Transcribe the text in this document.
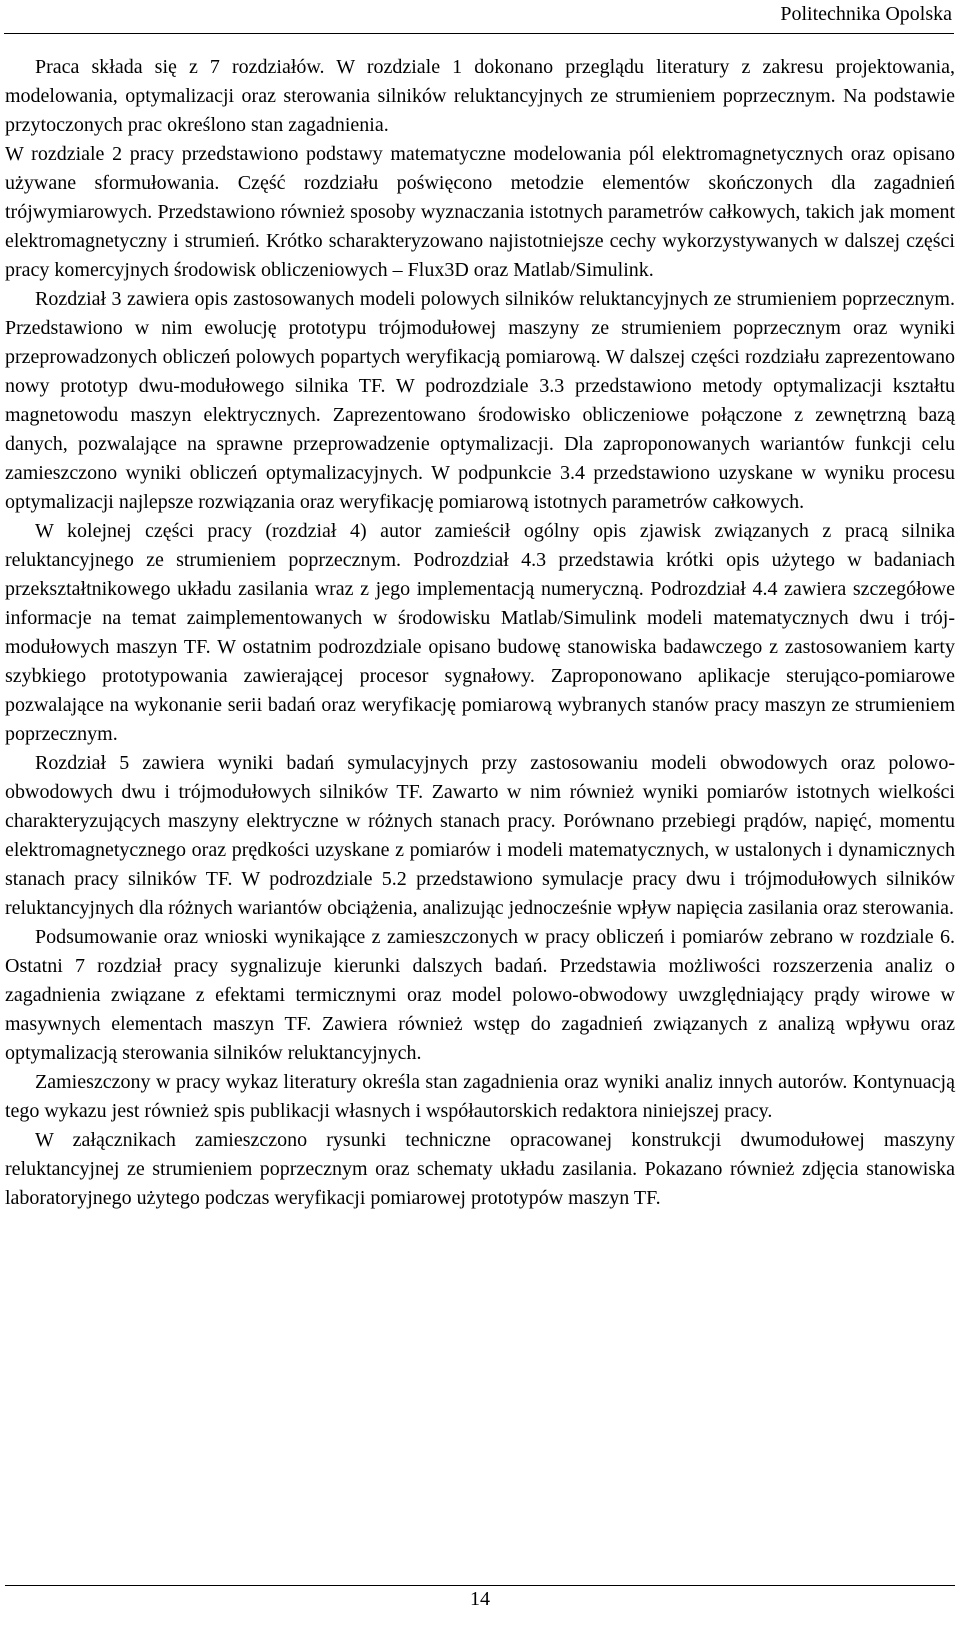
Politechnika Opolska

Praca składa się z 7 rozdziałów. W rozdziale 1 dokonano przeglądu literatury z zakresu projektowania, modelowania, optymalizacji oraz sterowania silników reluktancyjnych ze strumieniem poprzecznym. Na podstawie przytoczonych prac określono stan zagadnienia.

W rozdziale 2 pracy przedstawiono podstawy matematyczne modelowania pól elektromagnetycznych oraz opisano używane sformułowania. Część rozdziału poświęcono metodzie elementów skończonych dla zagadnień trójwymiarowych. Przedstawiono również sposoby wyznaczania istotnych parametrów całkowych, takich jak moment elektromagnetyczny i strumień. Krótko scharakteryzowano najistotniejsze cechy wykorzystywanych w dalszej części pracy komercyjnych środowisk obliczeniowych – Flux3D oraz Matlab/Simulink.

Rozdział 3 zawiera opis zastosowanych modeli polowych silników reluktancyjnych ze strumieniem poprzecznym. Przedstawiono w nim ewolucję prototypu trójmodułowej maszyny ze strumieniem poprzecznym oraz wyniki przeprowadzonych obliczeń polowych popartych weryfikacją pomiarową. W dalszej części rozdziału zaprezentowano nowy prototyp dwu-modułowego silnika TF. W podrozdziale 3.3 przedstawiono metody optymalizacji kształtu magnetowodu maszyn elektrycznych. Zaprezentowano środowisko obliczeniowe połączone z zewnętrzną bazą danych, pozwalające na sprawne przeprowadzenie optymalizacji. Dla zaproponowanych wariantów funkcji celu zamieszczono wyniki obliczeń optymalizacyjnych. W podpunkcie 3.4 przedstawiono uzyskane w wyniku procesu optymalizacji najlepsze rozwiązania oraz weryfikację pomiarową istotnych parametrów całkowych.

W kolejnej części pracy (rozdział 4) autor zamieścił ogólny opis zjawisk związanych z pracą silnika reluktancyjnego ze strumieniem poprzecznym. Podrozdział 4.3 przedstawia krótki opis użytego w badaniach przekształtnikowego układu zasilania wraz z jego implementacją numeryczną. Podrozdział 4.4 zawiera szczegółowe informacje na temat zaimplementowanych w środowisku Matlab/Simulink modeli matematycznych dwu i trój-modułowych maszyn TF. W ostatnim podrozdziale opisano budowę stanowiska badawczego z zastosowaniem karty szybkiego prototypowania zawierającej procesor sygnałowy. Zaproponowano aplikacje sterująco-pomiarowe pozwalające na wykonanie serii badań oraz weryfikację pomiarową wybranych stanów pracy maszyn ze strumieniem poprzecznym.

Rozdział 5 zawiera wyniki badań symulacyjnych przy zastosowaniu modeli obwodowych oraz polowo-obwodowych dwu i trójmodułowych silników TF. Zawarto w nim również wyniki pomiarów istotnych wielkości charakteryzujących maszyny elektryczne w różnych stanach pracy. Porównano przebiegi prądów, napięć, momentu elektromagnetycznego oraz prędkości uzyskane z pomiarów i modeli matematycznych, w ustalonych i dynamicznych stanach pracy silników TF. W podrozdziale 5.2 przedstawiono symulacje pracy dwu i trójmodułowych silników reluktancyjnych dla różnych wariantów obciążenia, analizując jednocześnie wpływ napięcia zasilania oraz sterowania.

Podsumowanie oraz wnioski wynikające z zamieszczonych w pracy obliczeń i pomiarów zebrano w rozdziale 6. Ostatni 7 rozdział pracy sygnalizuje kierunki dalszych badań. Przedstawia możliwości rozszerzenia analiz o zagadnienia związane z efektami termicznymi oraz model polowo-obwodowy uwzględniający prądy wirowe w masywnych elementach maszyn TF. Zawiera również wstęp do zagadnień związanych z analizą wpływu oraz optymalizacją sterowania silników reluktancyjnych.

Zamieszczony w pracy wykaz literatury określa stan zagadnienia oraz wyniki analiz innych autorów. Kontynuacją tego wykazu jest również spis publikacji własnych i współautorskich redaktora niniejszej pracy.

W załącznikach zamieszczono rysunki techniczne opracowanej konstrukcji dwumodułowej maszyny reluktancyjnej ze strumieniem poprzecznym oraz schematy układu zasilania. Pokazano również zdjęcia stanowiska laboratoryjnego użytego podczas weryfikacji pomiarowej prototypów maszyn TF.

14
